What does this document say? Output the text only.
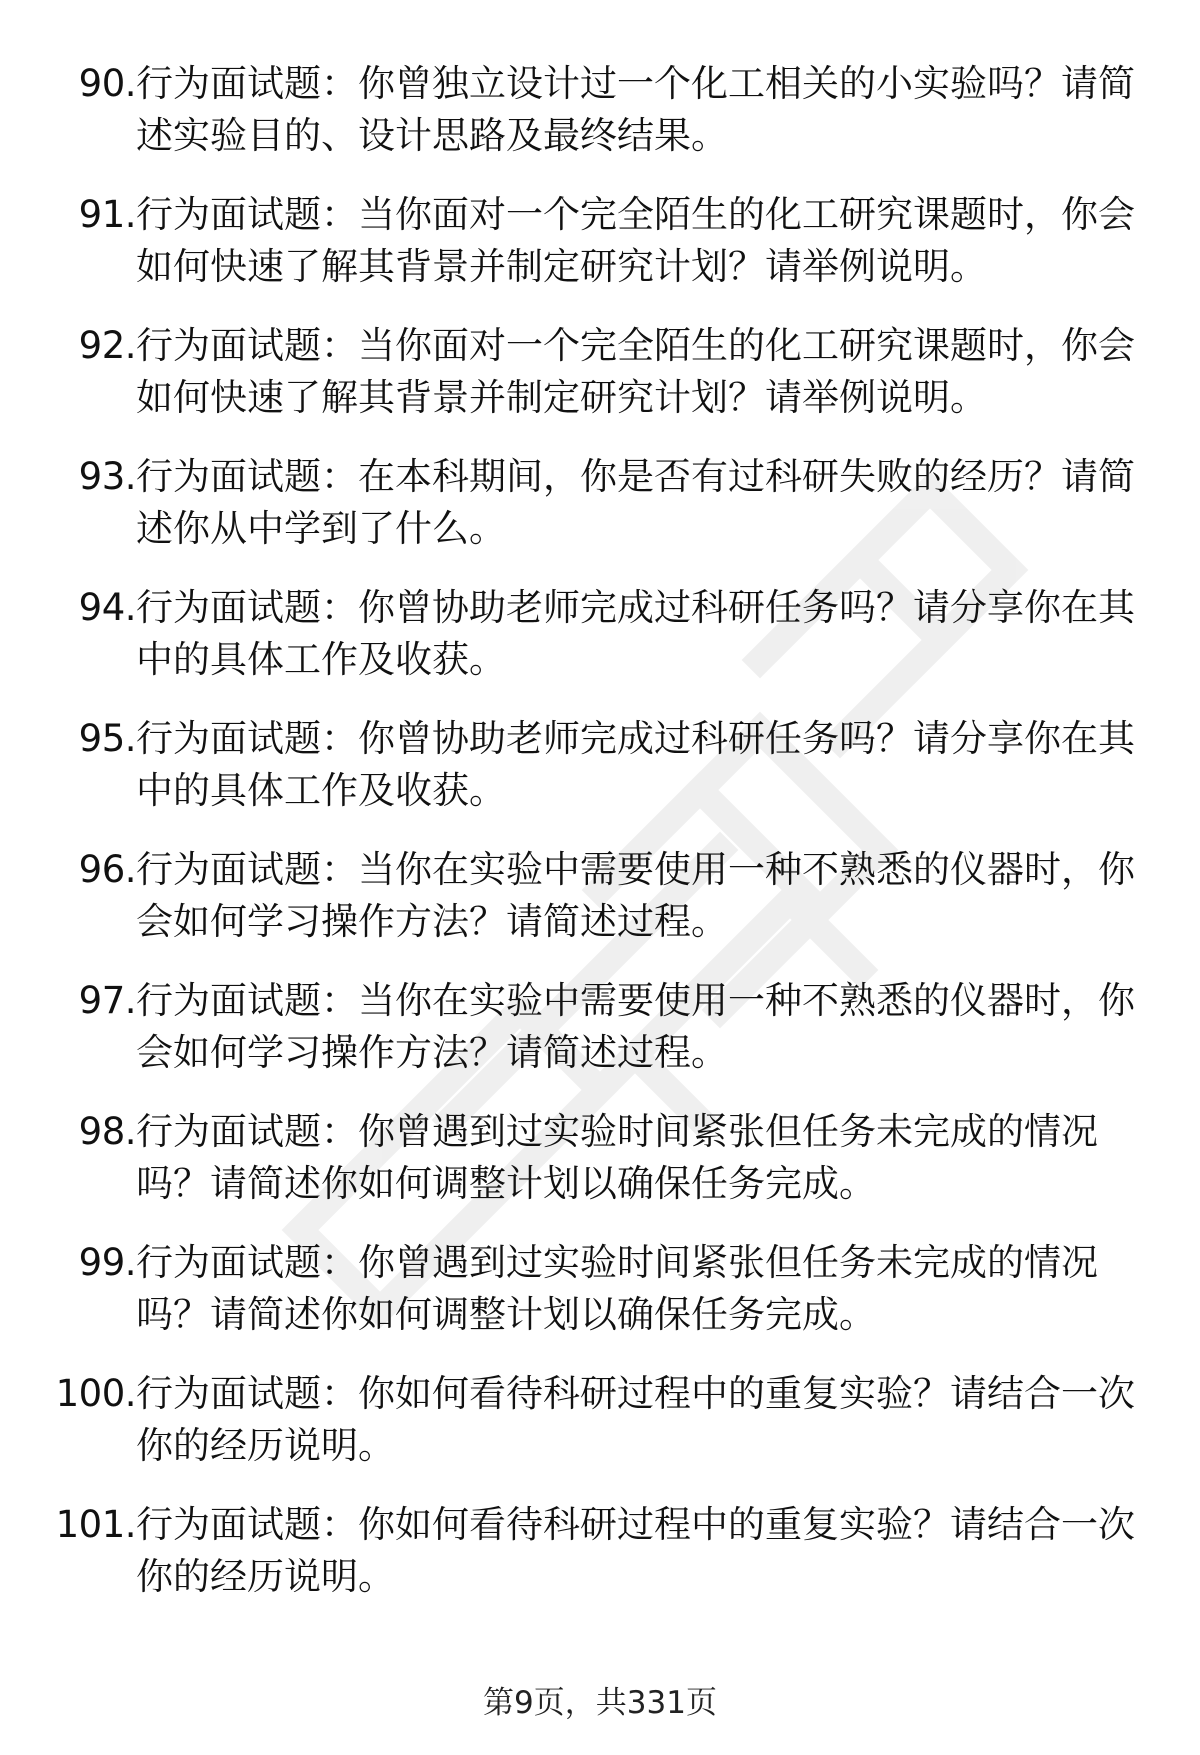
90. 行为面试题：你曾独立设计过一个化工相关的小实验吗？请简述实验目的、设计思路及最终结果。
91. 行为面试题：当你面对一个完全陌生的化工研究课题时，你会如何快速了解其背景并制定研究计划？请举例说明。
92. 行为面试题：当你面对一个完全陌生的化工研究课题时，你会如何快速了解其背景并制定研究计划？请举例说明。
93. 行为面试题：在本科期间，你是否有过科研失败的经历？请简述你从中学到了什么。
94. 行为面试题：你曾协助老师完成过科研任务吗？请分享你在其中的具体工作及收获。
95. 行为面试题：你曾协助老师完成过科研任务吗？请分享你在其中的具体工作及收获。
96. 行为面试题：当你在实验中需要使用一种不熟悉的仪器时，你会如何学习操作方法？请简述过程。
97. 行为面试题：当你在实验中需要使用一种不熟悉的仪器时，你会如何学习操作方法？请简述过程。
98. 行为面试题：你曾遇到过实验时间紧张但任务未完成的情况吗？请简述你如何调整计划以确保任务完成。
99. 行为面试题：你曾遇到过实验时间紧张但任务未完成的情况吗？请简述你如何调整计划以确保任务完成。
100. 行为面试题：你如何看待科研过程中的重复实验？请结合一次你的经历说明。
101. 行为面试题：你如何看待科研过程中的重复实验？请结合一次你的经历说明。
第9页，共331页
